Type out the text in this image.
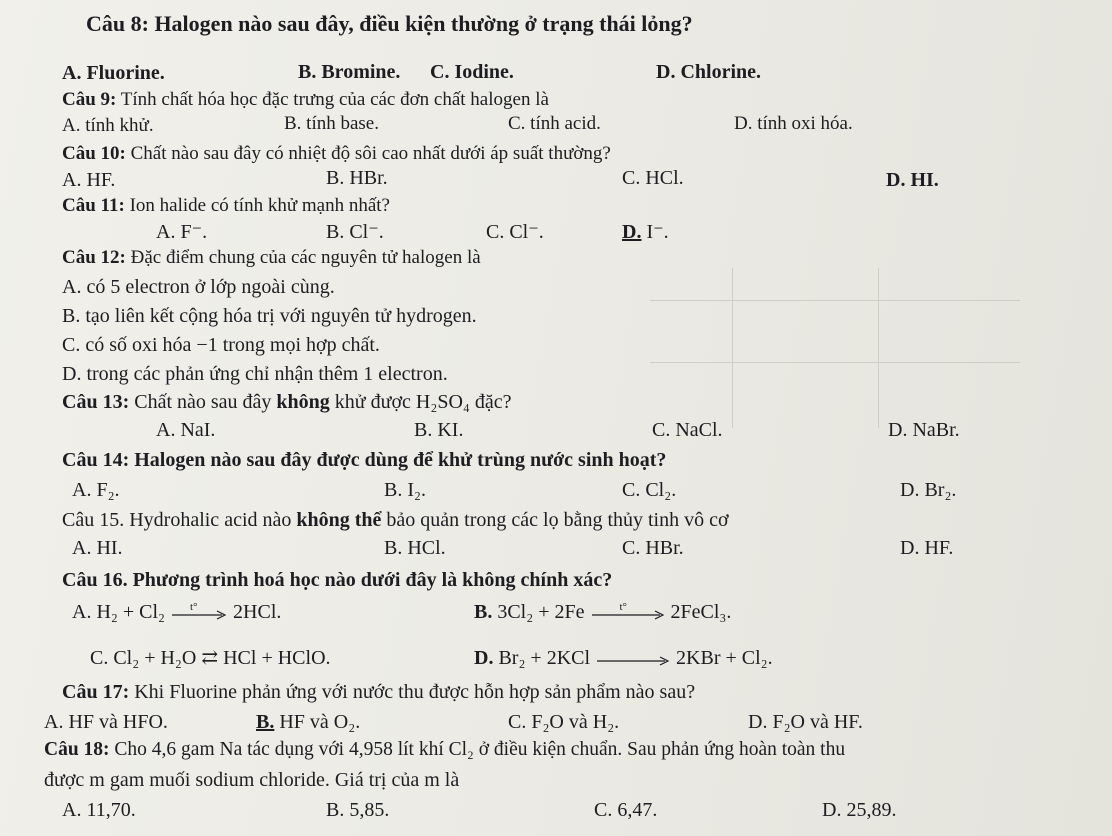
Câu 8: Halogen nào sau đây, điều kiện thường ở trạng thái lỏng?
A. Fluorine.	B. Bromine. C. Iodine.	D. Chlorine.
Câu 9: Tính chất hóa học đặc trưng của các đơn chất halogen là
A. tính khử.	B. tính base.	C. tính acid.	D. tính oxi hóa.
Câu 10: Chất nào sau đây có nhiệt độ sôi cao nhất dưới áp suất thường?
A. HF.	B. HBr.	C. HCl.	D. HI.
Câu 11: Ion halide có tính khử mạnh nhất?
A. F⁻.	B. Cl⁻.	C. Cl⁻.	D. I⁻.
Câu 12: Đặc điểm chung của các nguyên tử halogen là
A. có 5 electron ở lớp ngoài cùng.
B. tạo liên kết cộng hóa trị với nguyên tử hydrogen.
C. có số oxi hóa −1 trong mọi hợp chất.
D. trong các phản ứng chỉ nhận thêm 1 electron.
Câu 13: Chất nào sau đây không khử được H₂SO₄ đặc?
A. NaI.	B. KI.	C. NaCl.	D. NaBr.
Câu 14: Halogen nào sau đây được dùng để khử trùng nước sinh hoạt?
A. F₂.	B. I₂.	C. Cl₂.	D. Br₂.
Câu 15. Hydrohalic acid nào không thể bảo quản trong các lọ bằng thủy tinh vô cơ
A. HI.	B. HCl.	C. HBr.	D. HF.
Câu 16. Phương trình hoá học nào dưới đây là không chính xác?
A. H₂ + Cl₂ t° 2HCl.	B. 3Cl₂ + 2Fe	t° 2FeCl₃.
C. Cl₂ + H₂O ⇄ HCl + HClO.	D. Br₂ + 2KCl → 2KBr + Cl₂.
Câu 17: Khi Fluorine phản ứng với nước thu được hỗn hợp sản phẩm nào sau?
A. HF và HFO.	B. HF và O₂.	C. F₂O và H₂.	D. F₂O và HF.
Câu 18: Cho 4,6 gam Na tác dụng với 4,958 lít khí Cl₂ ở điều kiện chuẩn. Sau phản ứng hoàn toàn thu
được m gam muối sodium chloride. Giá trị của m là
A. 11,70.	B. 5,85.	C. 6,47.	D. 25,89.
